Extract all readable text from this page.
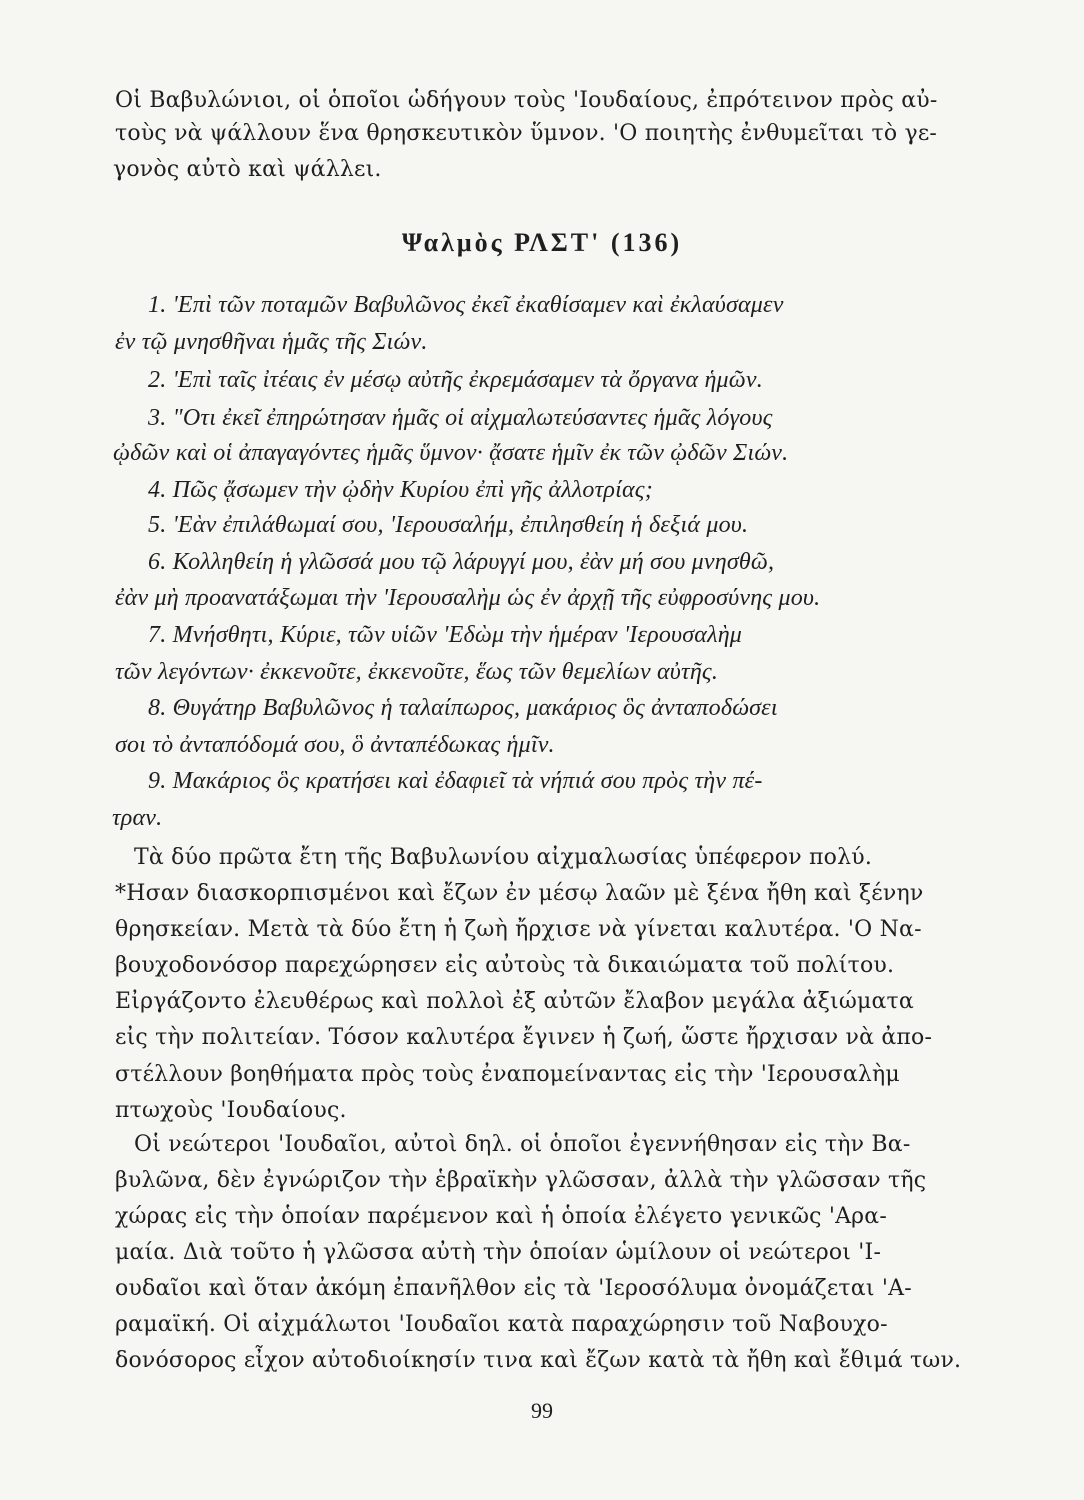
Οἱ Βαβυλώνιοι, οἱ ὁποῖοι ὡδήγουν τοὺς 'Ιουδαίους, ἐπρότεινον πρὸς αὐ-
τοὺς νὰ ψάλλουν ἕνα θρησκευτικὸν ὕμνον. 'Ο ποιητὴς ἐνθυμεῖται τὸ γε-
γονὸς αὐτὸ καὶ ψάλλει.
Ψαλμὸς ΡΛΣΤ' (136)
1. 'Επὶ τῶν ποταμῶν Βαβυλῶνος ἐκεῖ ἐκαθίσαμεν καὶ ἐκλαύσαμεν
ἐν τῷ μνησθῆναι ἡμᾶς τῆς Σιών.
2. 'Επὶ ταῖς ἰτέαις ἐν μέσῳ αὐτῆς ἐκρεμάσαμεν τὰ ὄργανα ἡμῶν.
3. "Οτι ἐκεῖ ἐπηρώτησαν ἡμᾶς οἱ αἰχμαλωτεύσαντες ἡμᾶς λόγους
ᾠδῶν καὶ οἱ ἀπαγαγόντες ἡμᾶς ὕμνον· ᾄσατε ἡμῖν ἐκ τῶν ᾠδῶν Σιών.
4. Πῶς ᾄσωμεν τὴν ᾠδὴν Κυρίου ἐπὶ γῆς ἀλλοτρίας;
5. 'Εὰν ἐπιλάθωμαί σου, 'Ιερουσαλήμ, ἐπιλησθείη ἡ δεξιά μου.
6. Κολληθείη ἡ γλῶσσά μου τῷ λάρυγγί μου, ἐὰν μή σου μνησθῶ,
ἐὰν μὴ προανατάξωμαι τὴν 'Ιερουσαλὴμ ὡς ἐν ἀρχῇ τῆς εὐφροσύνης μου.
7. Μνήσθητι, Κύριε, τῶν υἱῶν 'Εδὼμ τὴν ἡμέραν 'Ιερουσαλὴμ
τῶν λεγόντων· ἐκκενοῦτε, ἐκκενοῦτε, ἕως τῶν θεμελίων αὐτῆς.
8. Θυγάτηρ Βαβυλῶνος ἡ ταλαίπωρος, μακάριος ὃς ἀνταποδώσει
σοι τὸ ἀνταπόδομά σου, ὃ ἀνταπέδωκας ἡμῖν.
9. Μακάριος ὃς κρατήσει καὶ ἐδαφιεῖ τὰ νήπιά σου πρὸς τὴν πέ-
τραν.
Τὰ δύο πρῶτα ἔτη τῆς Βαβυλωνίου αἰχμαλωσίας ὑπέφερον πολύ.
*Ησαν διασκορπισμένοι καὶ ἔζων ἐν μέσῳ λαῶν μὲ ξένα ἤθη καὶ ξένην
θρησκείαν. Μετὰ τὰ δύο ἔτη ἡ ζωὴ ἤρχισε νὰ γίνεται καλυτέρα. 'Ο Να-
βουχοδονόσορ παρεχώρησεν εἰς αὐτοὺς τὰ δικαιώματα τοῦ πολίτου.
Εἰργάζοντο ἐλευθέρως καὶ πολλοὶ ἐξ αὐτῶν ἔλαβον μεγάλα ἀξιώματα
εἰς τὴν πολιτείαν. Τόσον καλυτέρα ἔγινεν ἡ ζωή, ὥστε ἤρχισαν νὰ ἀπο-
στέλλουν βοηθήματα πρὸς τοὺς ἐναπομείναντας εἰς τὴν 'Ιερουσαλὴμ
πτωχοὺς 'Ιουδαίους.
Οἱ νεώτεροι 'Ιουδαῖοι, αὐτοὶ δηλ. οἱ ὁποῖοι ἐγεννήθησαν εἰς τὴν Βα-
βυλῶνα, δὲν ἐγνώριζον τὴν ἑβραϊκὴν γλῶσσαν, ἀλλὰ τὴν γλῶσσαν τῆς
χώρας εἰς τὴν ὁποίαν παρέμενον καὶ ἡ ὁποία ἐλέγετο γενικῶς 'Αρα-
μαία. Διὰ τοῦτο ἡ γλῶσσα αὐτὴ τὴν ὁποίαν ὡμίλουν οἱ νεώτεροι 'Ι-
ουδαῖοι καὶ ὅταν ἀκόμη ἐπανῆλθον εἰς τὰ 'Ιεροσόλυμα ὀνομάζεται 'Α-
ραμαϊκή. Οἱ αἰχμάλωτοι 'Ιουδαῖοι κατὰ παραχώρησιν τοῦ Ναβουχο-
δονόσορος εἶχον αὐτοδιοίκησίν τινα καὶ ἔζων κατὰ τὰ ἤθη καὶ ἔθιμά των.
99
